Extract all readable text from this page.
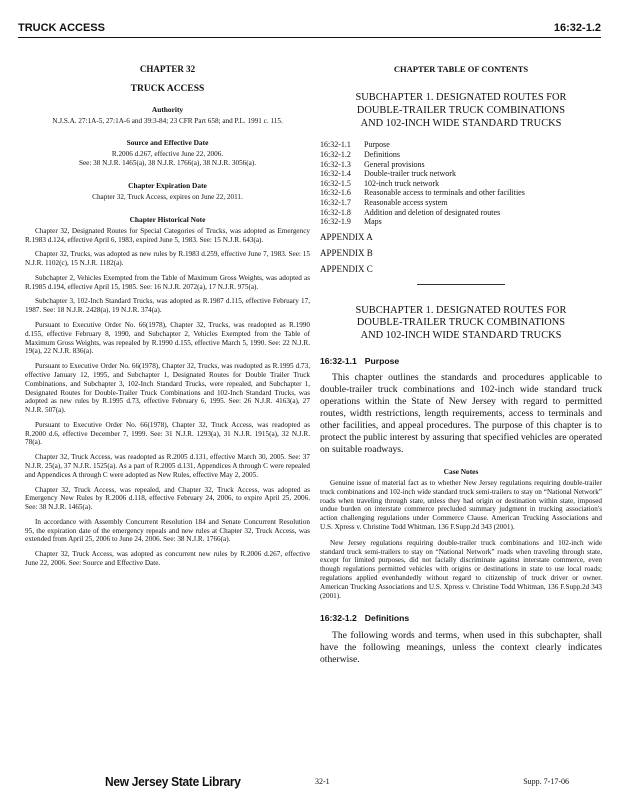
TRUCK ACCESS	16:32-1.2
CHAPTER 32
TRUCK ACCESS
Authority
N.J.S.A. 27:1A-5, 27:1A-6 and 39:3-84; 23 CFR Part 658; and P.L. 1991 c. 115.
Source and Effective Date
R.2006 d.267, effective June 22, 2006.
See: 38 N.J.R. 1465(a), 38 N.J.R. 1766(a), 38 N.J.R. 3056(a).
Chapter Expiration Date
Chapter 32, Truck Access, expires on June 22, 2011.
Chapter Historical Note

Chapter 32, Designated Routes for Special Categories of Trucks, was adopted as Emergency R.1983 d.124, effective April 6, 1983, expired June 5, 1983. See: 15 N.J.R. 643(a).

Chapter 32, Trucks, was adopted as new rules by R.1983 d.259, effective June 7, 1983. See: 15 N.J.R. 1102(c), 15 N.J.R. 1182(a).

Subchapter 2, Vehicles Exempted from the Table of Maximum Gross Weights, was adopted as R.1985 d.194, effective April 15, 1985. See: 16 N.J.R. 2072(a), 17 N.J.R. 975(a).

Subchapter 3, 102-Inch Standard Trucks, was adopted as R.1987 d.115, effective February 17, 1987. See: 18 N.J.R. 2428(a), 19 N.J.R. 374(a).

Pursuant to Executive Order No. 66(1978), Chapter 32, Trucks, was readopted as R.1990 d.155, effective February 8, 1990, and Subchapter 2, Vehicles Exempted from the Table of Maximum Gross Weights, was repealed by R.1990 d.155, effective March 5, 1990. See: 22 N.J.R. 19(a), 22 N.J.R. 836(a).

Pursuant to Executive Order No. 66(1978), Chapter 32, Trucks, was readopted as R.1995 d.73, effective January 12, 1995, and Subchapter 1, Designated Routes for Double Trailer Truck Combinations, and Subchapter 3, 102-Inch Standard Trucks, were repealed, and Subchapter 1, Designated Routes for Double-Trailer Truck Combinations and 102-Inch Standard Trucks, was adopted as new rules by R.1995 d.73, effective February 6, 1995. See: 26 N.J.R. 4163(a), 27 N.J.R. 507(a).

Pursuant to Executive Order No. 66(1978), Chapter 32, Truck Access, was readopted as R.2000 d.6, effective December 7, 1999. See: 31 N.J.R. 1293(a), 31 N.J.R. 1915(a), 32 N.J.R. 78(a).

Chapter 32, Truck Access, was readopted as R.2005 d.131, effective March 30, 2005. See: 37 N.J.R. 25(a), 37 N.J.R. 1525(a). As a part of R.2005 d.131, Appendices A through C were repealed and Appendices A through C were adopted as New Rules, effective May 2, 2005.

Chapter 32, Truck Access, was repealed, and Chapter 32, Truck Access, was adopted as Emergency New Rules by R.2006 d.118, effective February 24, 2006, to expire April 25, 2006. See: 38 N.J.R. 1465(a).

In accordance with Assembly Concurrent Resolution 184 and Senate Concurrent Resolution 95, the expiration date of the emergency repeals and new rules at Chapter 32, Truck Access, was extended from April 25, 2006 to June 24, 2006. See: 38 N.J.R. 1766(a).

Chapter 32, Truck Access, was adopted as concurrent new rules by R.2006 d.267, effective June 22, 2006. See: Source and Effective Date.

CHAPTER TABLE OF CONTENTS
SUBCHAPTER 1. DESIGNATED ROUTES FOR
DOUBLE-TRAILER TRUCK COMBINATIONS
AND 102-INCH WIDE STANDARD TRUCKS
16:32-1.1	Purpose
16:32-1.2	Definitions
16:32-1.3	General provisions
16:32-1.4	Double-trailer truck network
16:32-1.5	102-inch truck network
16:32-1.6	Reasonable access to terminals and other facilities
16:32-1.7	Reasonable access system
16:32-1.8	Addition and deletion of designated routes
16:32-1.9	Maps
APPENDIX A
APPENDIX B
APPENDIX C
SUBCHAPTER 1. DESIGNATED ROUTES FOR
DOUBLE-TRAILER TRUCK COMBINATIONS
AND 102-INCH WIDE STANDARD TRUCKS
16:32-1.1 Purpose
This chapter outlines the standards and procedures applicable to double-trailer truck combinations and 102-inch wide standard truck operations within the State of New Jersey with regard to permitted routes, width restrictions, length requirements, access to terminals and other facilities, and appeal procedures. The purpose of this chapter is to protect the public interest by assuring that specified vehicles are operated on suitable roadways.
Case Notes
Genuine issue of material fact as to whether New Jersey regulations requiring double-trailer truck combinations and 102-inch wide standard truck semi-trailers to stay on “National Network” roads when traveling through state, unless they had origin or destination within state, imposed undue burden on interstate commerce precluded summary judgment in trucking association's action challenging regulations under Commerce Clause. American Trucking Associations and U.S. Xpress v. Christine Todd Whitman, 136 F.Supp.2d 343 (2001).
New Jersey regulations requiring double-trailer truck combinations and 102-inch wide standard truck semi-trailers to stay on “National Network” roads when traveling through state, except for limited purposes, did not facially discriminate against interstate commerce, even though regulations permitted vehicles with origins or destinations in state to use local roads; regulations applied evenhandedly without regard to citizenship of truck driver or owner. American Trucking Associations and U.S. Xpress v. Christine Todd Whitman, 136 F.Supp.2d 343 (2001).
16:32-1.2 Definitions
The following words and terms, when used in this subchapter, shall have the following meanings, unless the context clearly indicates otherwise.
New Jersey State Library	32-1	Supp. 7-17-06
